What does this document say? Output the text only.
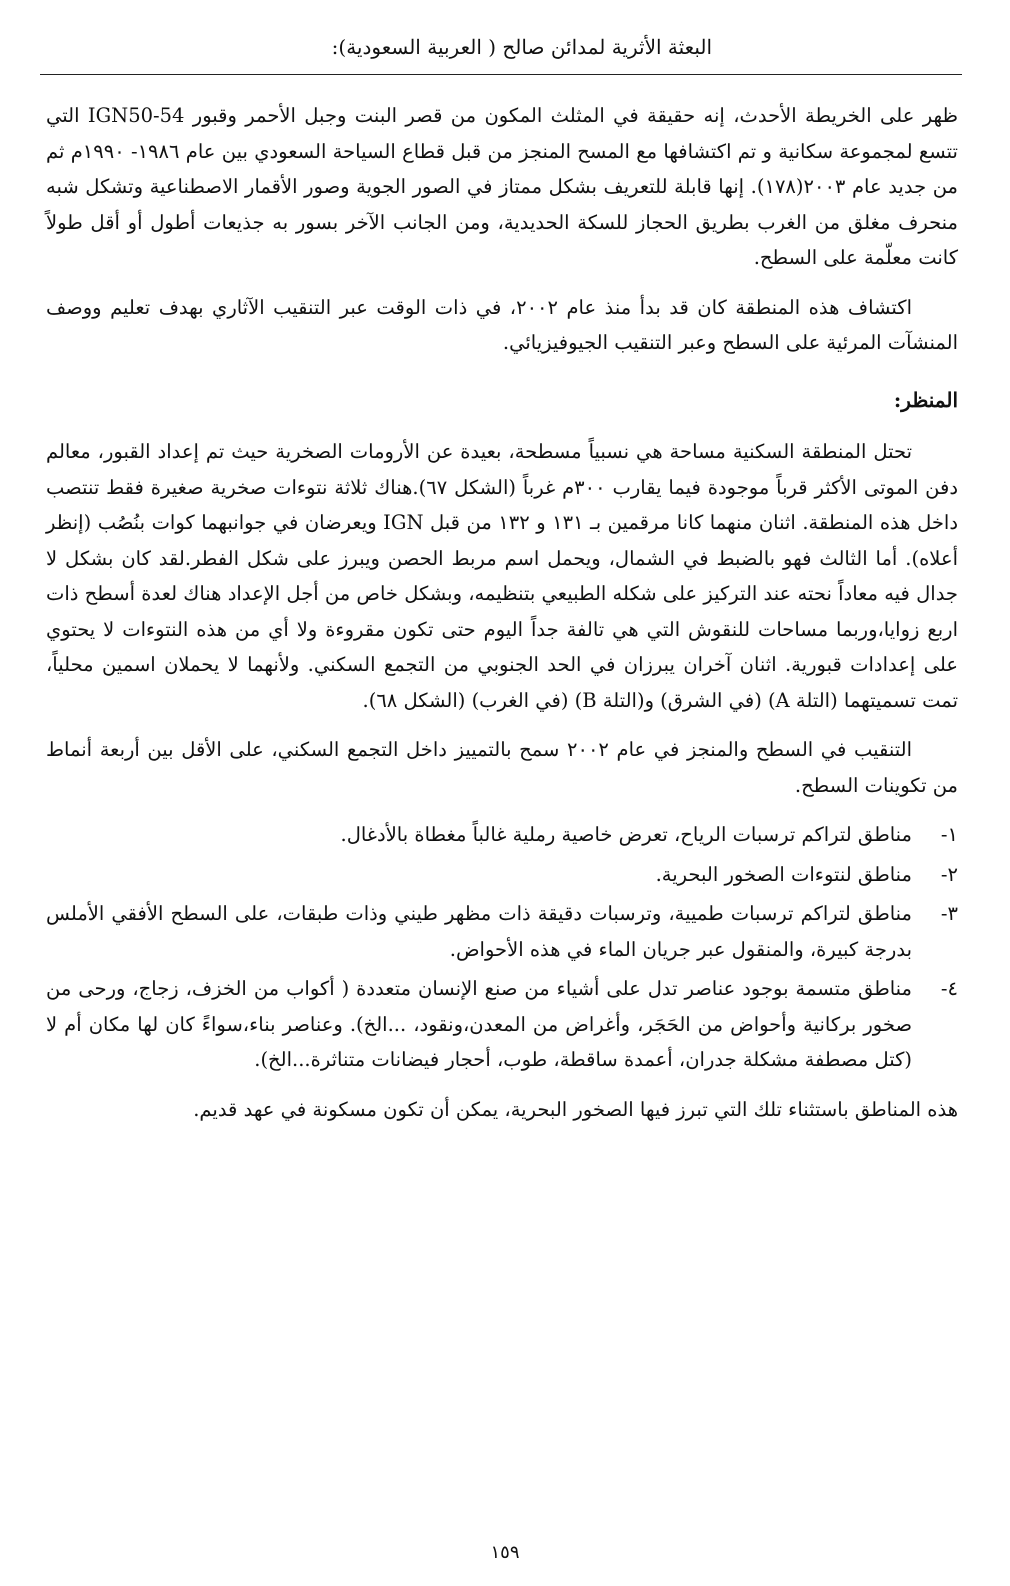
البعثة الأثرية لمدائن صالح ( العربية السعودية):

ظهر على الخريطة الأحدث، إنه حقيقة في المثلث المكون من قصر البنت وجبل الأحمر وقبور IGN50-54 التي تتسع لمجموعة سكانية و تم اكتشافها مع المسح المنجز من قبل قطاع السياحة السعودي بين عام ١٩٨٦- ١٩٩٠م ثم من جديد عام ٢٠٠٣(١٧٨). إنها قابلة للتعريف بشكل ممتاز في الصور الجوية وصور الأقمار الاصطناعية وتشكل شبه منحرف مغلق من الغرب بطريق الحجاز للسكة الحديدية، ومن الجانب الآخر بسور به جذيعات أطول أو أقل طولاً كانت معلّمة على السطح.

اكتشاف هذه المنطقة كان قد بدأ منذ عام ٢٠٠٢، في ذات الوقت عبر التنقيب الآثاري بهدف تعليم ووصف المنشآت المرئية على السطح وعبر التنقيب الجيوفيزيائي.

المنظر:

تحتل المنطقة السكنية مساحة هي نسبياً مسطحة، بعيدة عن الأرومات الصخرية حيث تم إعداد القبور، معالم دفن الموتى الأكثر قرباً موجودة فيما يقارب ٣٠٠م غرباً (الشكل ٦٧).هناك ثلاثة نتوءات صخرية صغيرة فقط تنتصب داخل هذه المنطقة. اثنان منهما كانا مرقمين بـ ١٣١ و ١٣٢ من قبل IGN ويعرضان في جوانبهما كوات بنُصُب (إنظر أعلاه). أما الثالث فهو بالضبط في الشمال، ويحمل اسم مربط الحصن ويبرز على شكل الفطر.لقد كان بشكل لا جدال فيه معاداً نحته عند التركيز على شكله الطبيعي بتنظيمه، وبشكل خاص من أجل الإعداد هناك لعدة أسطح ذات اربع زوايا،وربما مساحات للنقوش التي هي تالفة جداً اليوم حتى تكون مقروءة ولا أي من هذه النتوءات لا يحتوي على إعدادات قبورية. اثنان آخران يبرزان في الحد الجنوبي من التجمع السكني. ولأنهما لا يحملان اسمين محلياً، تمت تسميتهما (التلة A) (في الشرق) و(التلة B) (في الغرب) (الشكل ٦٨).

التنقيب في السطح والمنجز في عام ٢٠٠٢ سمح بالتمييز داخل التجمع السكني، على الأقل بين أربعة أنماط من تكوينات السطح.

١-
مناطق لتراكم ترسبات الرياح، تعرض خاصية رملية غالباً مغطاة بالأدغال.
٢-
مناطق لنتوءات الصخور البحرية.
٣-
مناطق لتراكم ترسبات طميية، وترسبات دقيقة ذات مظهر طيني وذات طبقات، على السطح الأفقي الأملس بدرجة كبيرة، والمنقول عبر جريان الماء في هذه الأحواض.
٤-
مناطق متسمة بوجود عناصر تدل على أشياء من صنع الإنسان متعددة ( أكواب من الخزف، زجاج، ورحى من صخور بركانية وأحواض من الحَجَر، وأغراض من المعدن،ونقود، ...الخ). وعناصر بناء،سواءً كان لها مكان أم لا (كتل مصطفة مشكلة جدران، أعمدة ساقطة، طوب، أحجار فيضانات متناثرة...الخ).

هذه المناطق باستثناء تلك التي تبرز فيها الصخور البحرية، يمكن أن تكون مسكونة في عهد قديم.

١٥٩
